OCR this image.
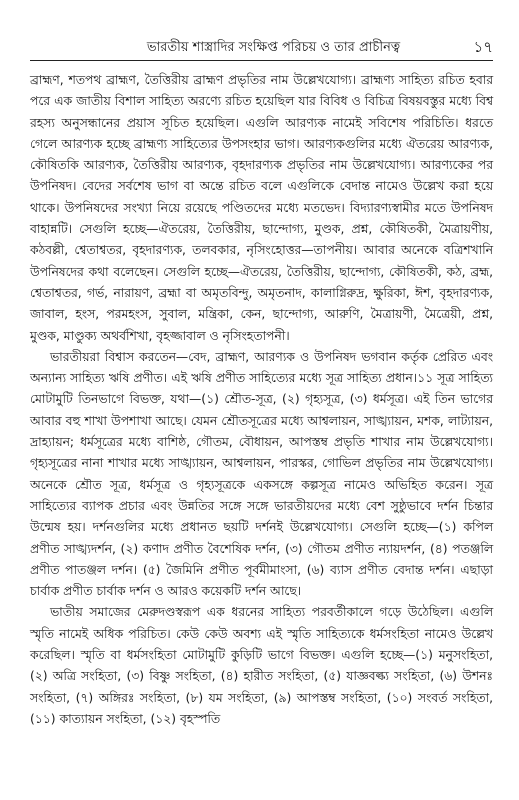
ভারতীয় শাস্ত্রাদির সংক্ষিপ্ত পরিচয় ও তার প্রাচীনত্ব	১৭

ব্রাহ্মণ, শতপথ ব্রাহ্মণ, তৈত্তিরীয় ব্রাহ্মণ প্রভৃতির নাম উল্লেখযোগ্য। ব্রাহ্মণ্য সাহিত্য রচিত হবার পরে এক জাতীয় বিশাল সাহিত্য অরণ্যে রচিত হয়েছিল যার বিবিধ ও বিচিত্র বিষয়বস্তুর মধ্যে বিশ্ব রহস্য অনুসন্ধানের প্রয়াস সূচিত হয়েছিল। এগুলি আরণ্যক নামেই সবিশেষ পরিচিতি। ধরতে গেলে আরণ্যক হচ্ছে ব্রাহ্মণ্য সাহিত্যের উপসংহার ভাগ। আরণ্যকগুলির মধ্যে ঐতরেয় আরণ্যক, কৌষিতকি আরণ্যক, তৈত্তিরীয় আরণ্যক, বৃহদারণ্যক প্রভৃতির নাম উল্লেখযোগ্য। আরণ্যকের পর উপনিষদ। বেদের সর্বশেষ ভাগ বা অন্তে রচিত বলে এগুলিকে বেদান্ত নামেও উল্লেখ করা হয়ে থাকে। উপনিষদের সংখ্যা নিয়ে রয়েছে পণ্ডিতদের মধ্যে মতভেদ। বিদ্যারণ্যস্বামীর মতে উপনিষদ বাহান্নটি। সেগুলি হচ্ছে—ঐতরেয়, তৈত্তিরীয়, ছান্দোগ্য, মুণ্ডক, প্রশ্ন, কৌষিতকী, মৈত্রায়ণীয়, কঠবল্লী, শ্বেতাশ্বতর, বৃহদারণ্যক, তলবকার, নৃসিংহোত্তর—তাপনীয়। আবার অনেকে বত্রিশখানি উপনিষদের কথা বলেছেন। সেগুলি হচ্ছে—ঐতরেয়, তৈত্তিরীয়, ছান্দোগ্য, কৌষিতকী, কঠ, ব্রহ্ম, শ্বেতাশ্বতর, গর্ভ, নারায়ণ, ব্রহ্মা বা অমৃতবিন্দু, অমৃতনাদ, কালাগ্নিরুদ্র, ক্ষুরিকা, ঈশ, বৃহদারণ্যক, জাবাল, হংস, পরমহংস, সুবাল, মন্ত্রিকা, কেন, ছান্দোগ্য, আরুণি, মৈত্রায়ণী, মৈত্রেয়ী, প্রশ্ন, মুণ্ডক, মাণ্ডুক্য অথর্বশিখা, বৃহজ্জাবাল ও নৃসিংহতাপনী।

ভারতীয়রা বিশ্বাস করতেন—বেদ, ব্রাহ্মণ, আরণ্যক ও উপনিষদ ভগবান কর্তৃক প্রেরিত এবং অন্যান্য সাহিত্য ঋষি প্রণীত। এই ঋষি প্রণীত সাহিত্যের মধ্যে সূত্র সাহিত্য প্রধান।১১ সূত্র সাহিত্য মোটামুটি তিনভাগে বিভক্ত, যথা—(১) শ্রৌত-সূত্র, (২) গৃহ্যসূত্র, (৩) ধর্মসূত্র। এই তিন ভাগের আবার বহু শাখা উপশাখা আছে। যেমন শ্রৌতসূত্রের মধ্যে আশ্বলায়ন, সাঙ্খ্যায়ন, মশক, লাট্যায়ন, দ্রাহ্যায়ন; ধর্মসূত্রের মধ্যে বাশিষ্ঠ, গৌতম, বৌধায়ন, আপস্তম্ব প্রভৃতি শাখার নাম উল্লেখযোগ্য। গৃহ্যসূত্রের নানা শাখার মধ্যে সাঙ্খ্যায়ন, আশ্বলায়ন, পারস্কর, গোভিল প্রভৃতির নাম উল্লেখযোগ্য। অনেকে শ্রৌত সূত্র, ধর্মসূত্র ও গৃহ্যসূত্রকে একসঙ্গে কল্পসূত্র নামেও অভিহিত করেন। সূত্র সাহিত্যের ব্যাপক প্রচার এবং উন্নতির সঙ্গে সঙ্গে ভারতীয়দের মধ্যে বেশ সুষ্ঠুভাবে দর্শন চিন্তার উন্মেষ হয়। দর্শনগুলির মধ্যে প্রধানত ছয়টি দর্শনই উল্লেখযোগ্য। সেগুলি হচ্ছে—(১) কপিল প্রণীত সাঙ্খ্যদর্শন, (২) কণাদ প্রণীত বৈশেষিক দর্শন, (৩) গৌতম প্রণীত ন্যায়দর্শন, (৪) পতঞ্জলি প্রণীত পাতঞ্জল দর্শন। (৫) জৈমিনি প্রণীত পূর্বমীমাংসা, (৬) ব্যাস প্রণীত বেদান্ত দর্শন। এছাড়া চার্বাক প্রণীত চার্বাক দর্শন ও আরও কয়েকটি দর্শন আছে।

ভাতীয় সমাজের মেরুদণ্ডস্বরূপ এক ধরনের সাহিত্য পরবর্তীকালে গড়ে উঠেছিল। এগুলি স্মৃতি নামেই অধিক পরিচিত। কেউ কেউ অবশ্য এই স্মৃতি সাহিত্যকে ধর্মসংহিতা নামেও উল্লেখ করেছিল। স্মৃতি বা ধর্মসংহিতা মোটামুটি কুড়িটি ভাগে বিভক্ত। এগুলি হচ্ছে—(১) মনুসংহিতা, (২) অত্রি সংহিতা, (৩) বিষ্ণু সংহিতা, (৪) হারীত সংহিতা, (৫) যাজ্ঞবল্ক্য সংহিতা, (৬) উশনঃ সংহিতা, (৭) অঙ্গিরঃ সংহিতা, (৮) যম সংহিতা, (৯) আপস্তম্ব সংহিতা, (১০) সংবর্ত সংহিতা, (১১) কাত্যায়ন সংহিতা, (১২) বৃহস্পতি
